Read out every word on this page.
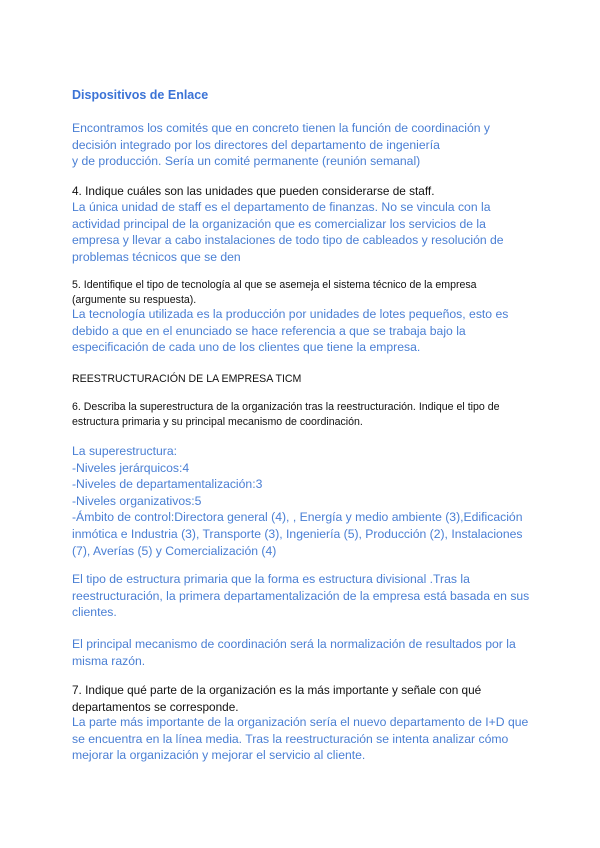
Dispositivos de Enlace
Encontramos los comités que en concreto tienen la función de coordinación y
decisión integrado por los directores del departamento de ingeniería
y de producción. Sería un comité permanente (reunión semanal)
4. Indique cuáles son las unidades que pueden considerarse de staff.
La única unidad de staff es el departamento de finanzas. No se vincula con la
actividad principal de la organización que es comercializar los servicios de la
empresa y llevar a cabo instalaciones de todo tipo de cableados y resolución de
problemas técnicos que se den
5. Identifique el tipo de tecnología al que se asemeja el sistema técnico de la empresa
(argumente su respuesta).
La tecnología utilizada es la producción por unidades de lotes pequeños, esto es
debido a que en el enunciado se hace referencia a que se trabaja bajo la
especificación de cada uno de los clientes que tiene la empresa.
REESTRUCTURACIÓN DE LA EMPRESA TICM
6. Describa la superestructura de la organización tras la reestructuración. Indique el tipo de
estructura primaria y su principal mecanismo de coordinación.
La superestructura:
-Niveles jerárquicos:4
-Niveles de departamentalización:3
-Niveles organizativos:5
-Ámbito de control:Directora general (4), , Energía y medio ambiente (3),Edificación
inmótica e Industria (3), Transporte (3), Ingeniería (5), Producción (2), Instalaciones
(7), Averías (5) y Comercialización (4)
El tipo de estructura primaria que la forma es estructura divisional .Tras la
reestructuración, la primera departamentalización de la empresa está basada en sus
clientes.
El principal mecanismo de coordinación será la normalización de resultados por la
misma razón.
7. Indique qué parte de la organización es la más importante y señale con qué
departamentos se corresponde.
La parte más importante de la organización sería el nuevo departamento de I+D que
se encuentra en la línea media. Tras la reestructuración se intenta analizar cómo
mejorar la organización y mejorar el servicio al cliente.
